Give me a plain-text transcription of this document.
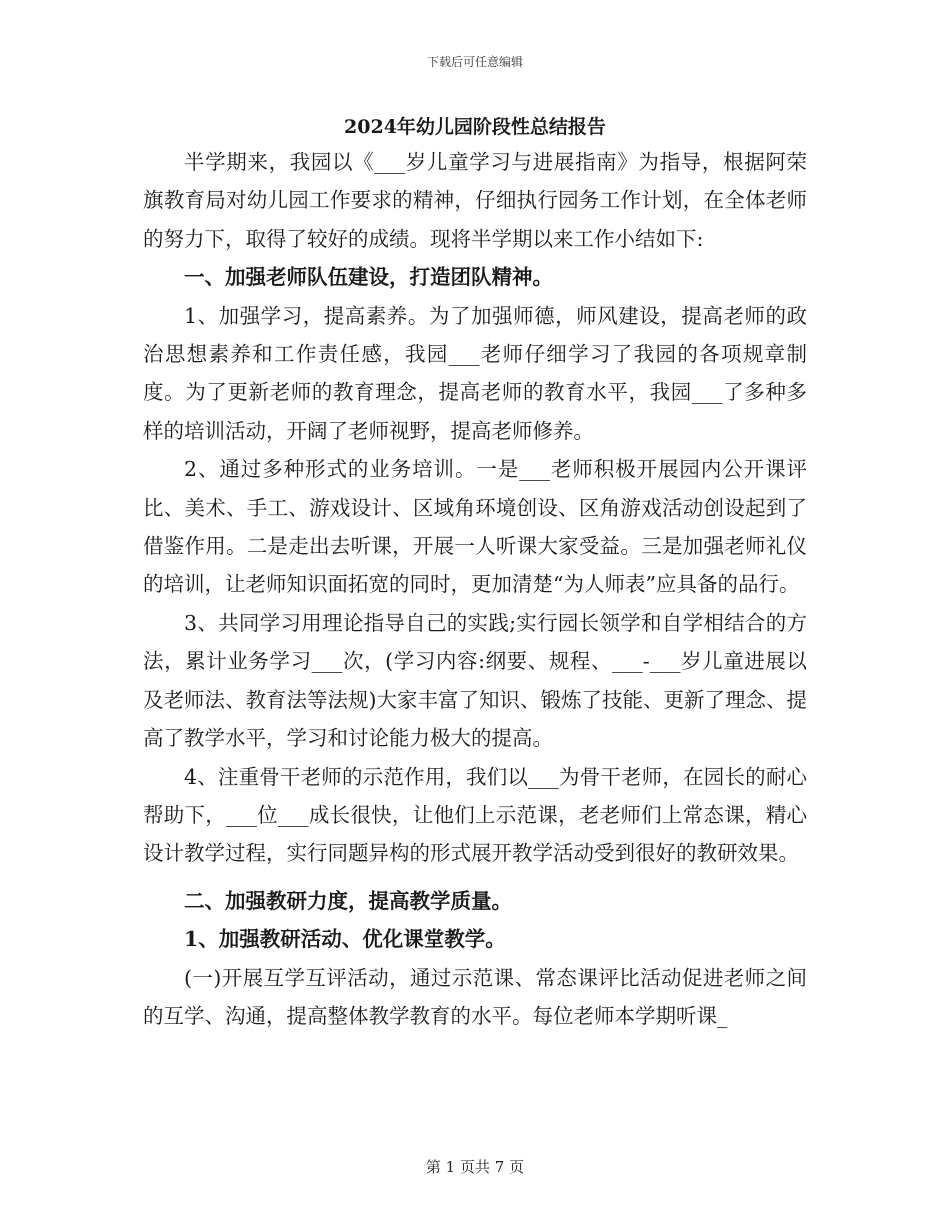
下载后可任意编辑
2024年幼儿园阶段性总结报告

半学期来，我园以《___岁儿童学习与进展指南》为指导，根据阿荣旗教育局对幼儿园工作要求的精神，仔细执行园务工作计划，在全体老师的努力下，取得了较好的成绩。现将半学期以来工作小结如下:

一、加强老师队伍建设，打造团队精神。

1、加强学习，提高素养。为了加强师德，师风建设，提高老师的政治思想素养和工作责任感，我园___老师仔细学习了我园的各项规章制度。为了更新老师的教育理念，提高老师的教育水平，我园___了多种多样的培训活动，开阔了老师视野，提高老师修养。

2、通过多种形式的业务培训。一是___老师积极开展园内公开课评比、美术、手工、游戏设计、区域角环境创设、区角游戏活动创设起到了借鉴作用。二是走出去听课，开展一人听课大家受益。三是加强老师礼仪的培训，让老师知识面拓宽的同时，更加清楚“为人师表”应具备的品行。

3、共同学习用理论指导自己的实践;实行园长领学和自学相结合的方法，累计业务学习___次，(学习内容:纲要、规程、___-___岁儿童进展以及老师法、教育法等法规)大家丰富了知识、锻炼了技能、更新了理念、提高了教学水平，学习和讨论能力极大的提高。

4、注重骨干老师的示范作用，我们以___为骨干老师，在园长的耐心帮助下，___位___成长很快，让他们上示范课，老老师们上常态课，精心设计教学过程，实行同题异构的形式展开教学活动受到很好的教研效果。

二、加强教研力度，提高教学质量。

1、加强教研活动、优化课堂教学。

(一)开展互学互评活动，通过示范课、常态课评比活动促进老师之间的互学、沟通，提高整体教学教育的水平。每位老师本学期听课_

第 1 页共 7 页
